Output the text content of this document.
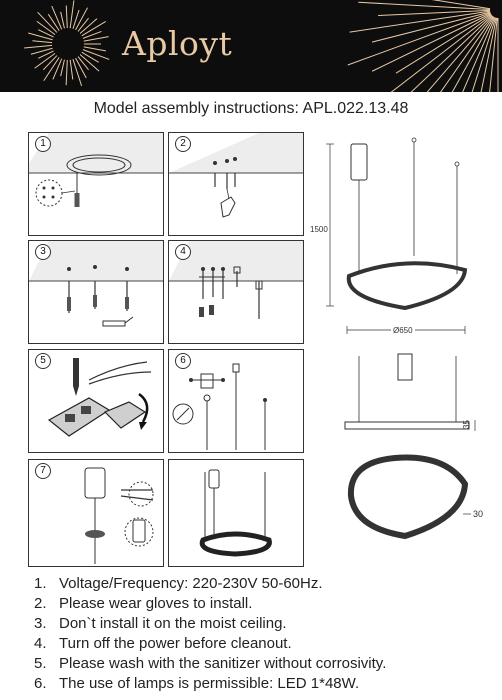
Aployt
Model assembly instructions: APL.022.13.48
1	2
3	4
5	6
7
1500
Ø650
35
30
1. Voltage/Frequency: 220-230V 50-60Hz.
2. Please wear gloves to install.
3. Don`t install it on the moist ceiling.
4. Turn off the power before cleanout.
5. Please wash with the sanitizer without corrosivity.
6. The use of lamps is permissible: LED 1*48W.
